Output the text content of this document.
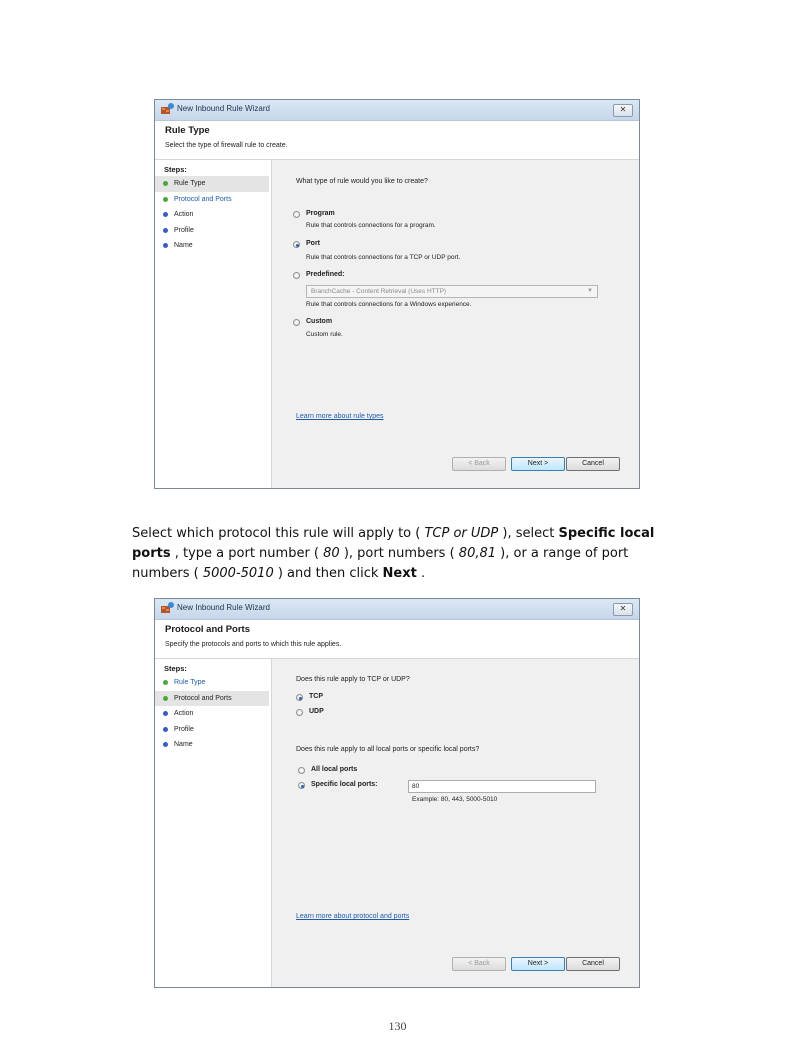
New Inbound Rule Wizard	✕
Rule Type
Select the type of firewall rule to create.
Steps:
Rule Type
Protocol and Ports
Action
Profile
Name
What type of rule would you like to create?
Program
Rule that controls connections for a program.
Port
Rule that controls connections for a TCP or UDP port.
Predefined:
BranchCache - Content Retrieval (Uses HTTP)	▼
Rule that controls connections for a Windows experience.
Custom
Custom rule.
Learn more about rule types
< Back	Next >	Cancel
Select which protocol this rule will apply to ( TCP or UDP ), select Specific local ports , type a port number ( 80 ), port numbers ( 80,81 ), or a range of port numbers ( 5000-5010 ) and then click Next .
New Inbound Rule Wizard	✕
Protocol and Ports
Specify the protocols and ports to which this rule applies.
Steps:
Rule Type
Protocol and Ports
Action
Profile
Name
Does this rule apply to TCP or UDP?
TCP
UDP
Does this rule apply to all local ports or specific local ports?
All local ports
Specific local ports:	80
Example: 80, 443, 5000-5010
Learn more about protocol and ports
< Back	Next >	Cancel
130
